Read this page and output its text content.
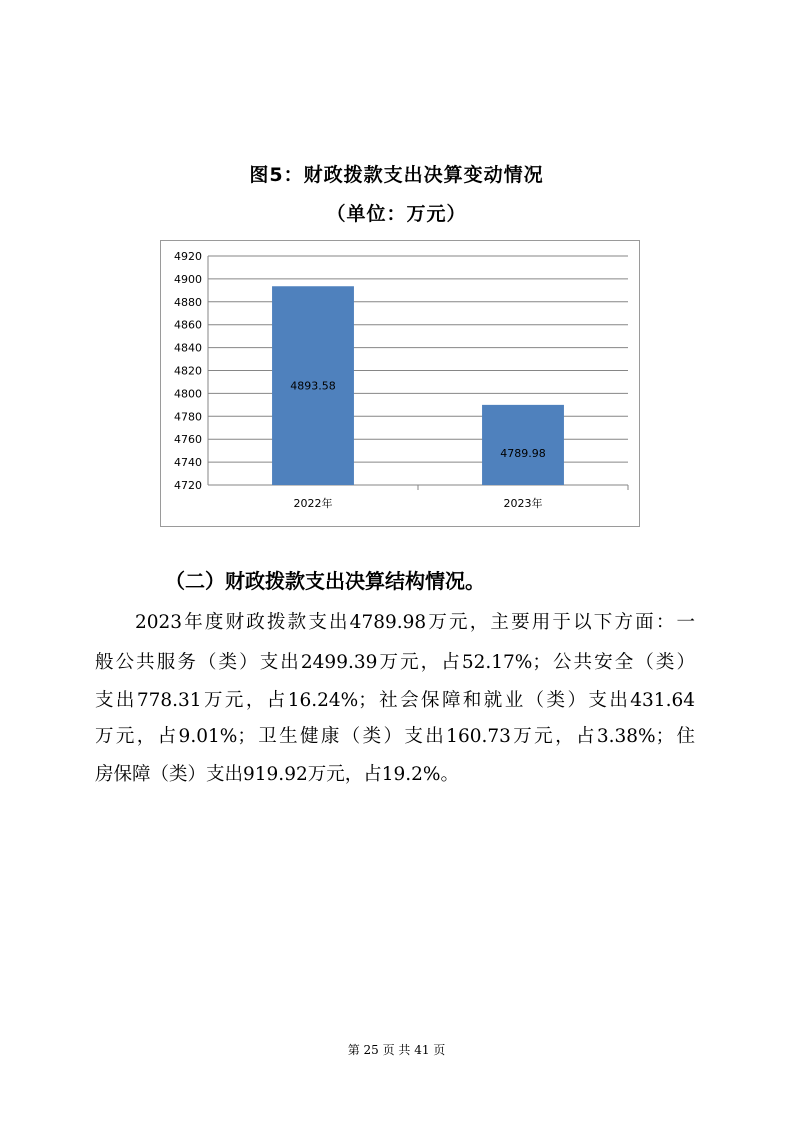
图5：财政拨款支出决算变动情况
（单位：万元）
4720
4740
4760
4780
4800
4820
4840
4860
4880
4900
4920
4893.58
2022年
4789.98
2023年
（二）财政拨款支出决算结构情况。
2023年度财政拨款支出4789.98万元，主要用于以下方面：一
般公共服务（类）支出2499.39万元，占52.17%；公共安全（类）
支出778.31万元，占16.24%；社会保障和就业（类）支出431.64
万元，占9.01%；卫生健康（类）支出160.73万元，占3.38%；住
房保障（类）支出919.92万元，占19.2%。
第 25 页 共 41 页
